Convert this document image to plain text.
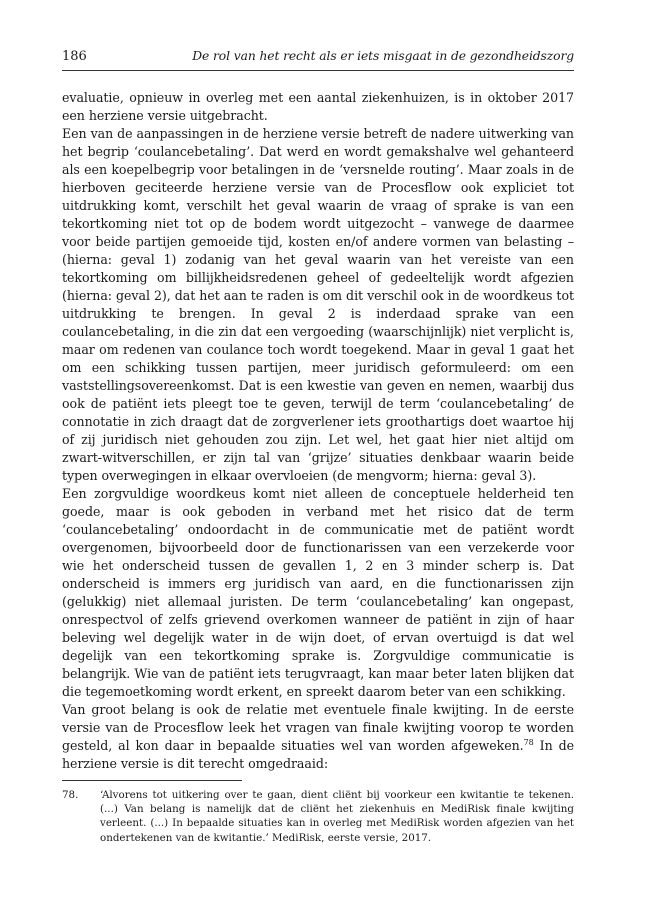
186	De rol van het recht als er iets misgaat in de gezondheidszorg

evaluatie, opnieuw in overleg met een aantal ziekenhuizen, is in oktober 2017 een herziene versie uitgebracht.

Een van de aanpassingen in de herziene versie betreft de nadere uitwerking van het begrip ‘coulancebetaling’. Dat werd en wordt gemakshalve wel gehanteerd als een koepelbegrip voor betalingen in de ‘versnelde routing’. Maar zoals in de hierboven geciteerde herziene versie van de Procesflow ook expliciet tot uitdrukking komt, verschilt het geval waarin de vraag of sprake is van een tekortkoming niet tot op de bodem wordt uitgezocht – vanwege de daarmee voor beide partijen gemoeide tijd, kosten en/of andere vormen van belasting – (hierna: geval 1) zodanig van het geval waarin van het vereiste van een tekortkoming om billijkheidsredenen geheel of gedeeltelijk wordt afgezien (hierna: geval 2), dat het aan te raden is om dit verschil ook in de woordkeus tot uitdrukking te brengen. In geval 2 is inderdaad sprake van een coulancebetaling, in die zin dat een vergoeding (waarschijnlijk) niet verplicht is, maar om redenen van coulance toch wordt toegekend. Maar in geval 1 gaat het om een schikking tussen partijen, meer juridisch geformuleerd: om een vaststellingsovereenkomst. Dat is een kwestie van geven en nemen, waarbij dus ook de patiënt iets pleegt toe te geven, terwijl de term ‘coulancebetaling’ de connotatie in zich draagt dat de zorgverlener iets groothartigs doet waartoe hij of zij juridisch niet gehouden zou zijn. Let wel, het gaat hier niet altijd om zwart-witverschillen, er zijn tal van ‘grijze’ situaties denkbaar waarin beide typen overwegingen in elkaar overvloeien (de mengvorm; hierna: geval 3).

Een zorgvuldige woordkeus komt niet alleen de conceptuele helderheid ten goede, maar is ook geboden in verband met het risico dat de term ‘coulancebetaling’ ondoordacht in de communicatie met de patiënt wordt overgenomen, bijvoorbeeld door de functionarissen van een verzekerde voor wie het onderscheid tussen de gevallen 1, 2 en 3 minder scherp is. Dat onderscheid is immers erg juridisch van aard, en die functionarissen zijn (gelukkig) niet allemaal juristen. De term ‘coulancebetaling’ kan ongepast, onrespectvol of zelfs grievend overkomen wanneer de patiënt in zijn of haar beleving wel degelijk water in de wijn doet, of ervan overtuigd is dat wel degelijk van een tekortkoming sprake is. Zorgvuldige communicatie is belangrijk. Wie van de patiënt iets terugvraagt, kan maar beter laten blijken dat die tegemoetkoming wordt erkent, en spreekt daarom beter van een schikking.

Van groot belang is ook de relatie met eventuele finale kwijting. In de eerste versie van de Procesflow leek het vragen van finale kwijting voorop te worden gesteld, al kon daar in bepaalde situaties wel van worden afgeweken.$^{78}$ In de herziene versie is dit terecht omgedraaid:

78. ‘Alvorens tot uitkering over te gaan, dient cliënt bij voorkeur een kwitantie te tekenen. (...) Van belang is namelijk dat de cliënt het ziekenhuis en MediRisk finale kwijting verleent. (...) In bepaalde situaties kan in overleg met MediRisk worden afgezien van het ondertekenen van de kwitantie.’ MediRisk, eerste versie, 2017.
